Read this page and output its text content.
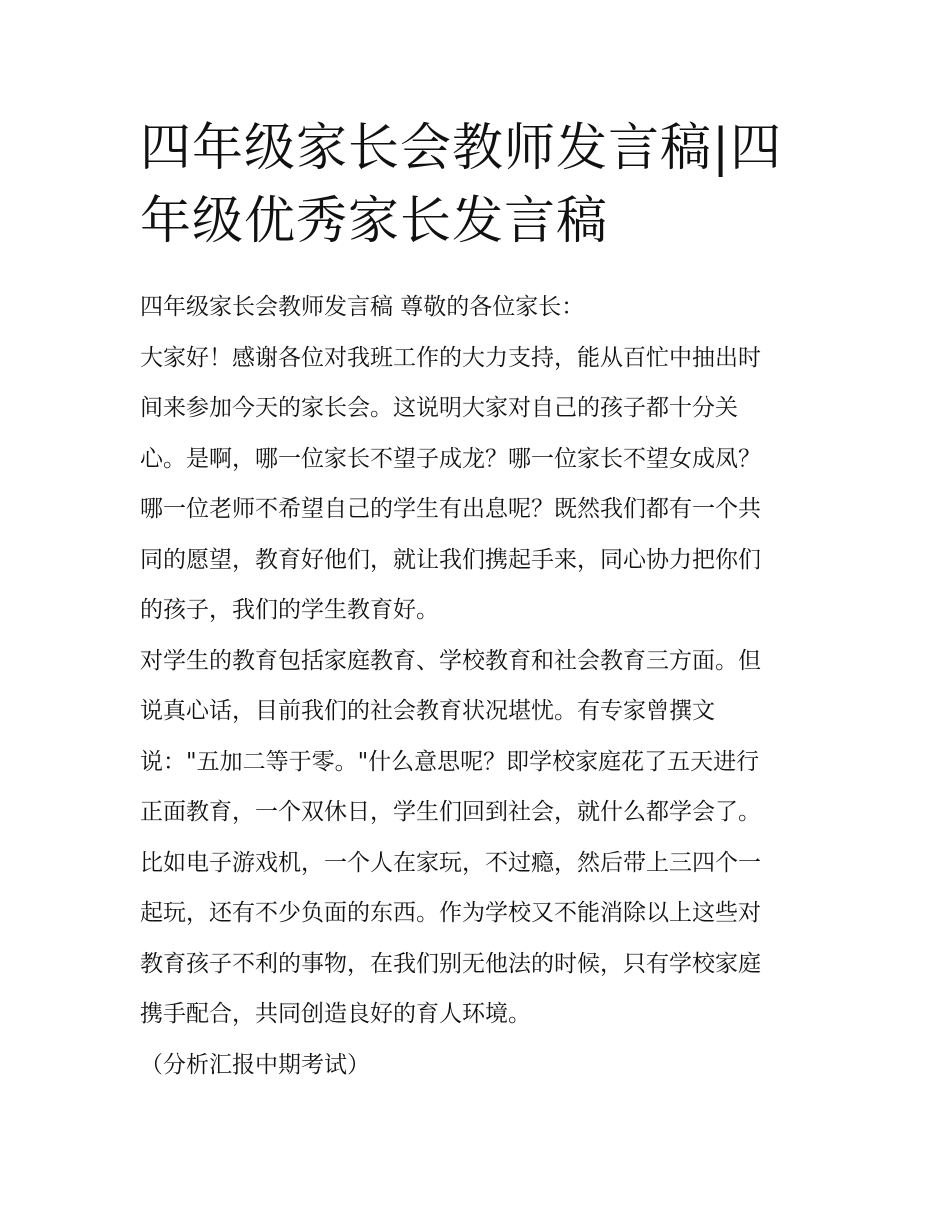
四年级家长会教师发言稿|四年级优秀家长发言稿

四年级家长会教师发言稿 尊敬的各位家长：

大家好！感谢各位对我班工作的大力支持，能从百忙中抽出时
间来参加今天的家长会。这说明大家对自己的孩子都十分关
心。是啊，哪一位家长不望子成龙？哪一位家长不望女成凤？
哪一位老师不希望自己的学生有出息呢？既然我们都有一个共
同的愿望，教育好他们，就让我们携起手来，同心协力把你们
的孩子，我们的学生教育好。

对学生的教育包括家庭教育、学校教育和社会教育三方面。但
说真心话，目前我们的社会教育状况堪忧。有专家曾撰文
说："五加二等于零。"什么意思呢？即学校家庭花了五天进行
正面教育，一个双休日，学生们回到社会，就什么都学会了。
比如电子游戏机，一个人在家玩，不过瘾，然后带上三四个一
起玩，还有不少负面的东西。作为学校又不能消除以上这些对
教育孩子不利的事物，在我们别无他法的时候，只有学校家庭
携手配合，共同创造良好的育人环境。

（分析汇报中期考试）
